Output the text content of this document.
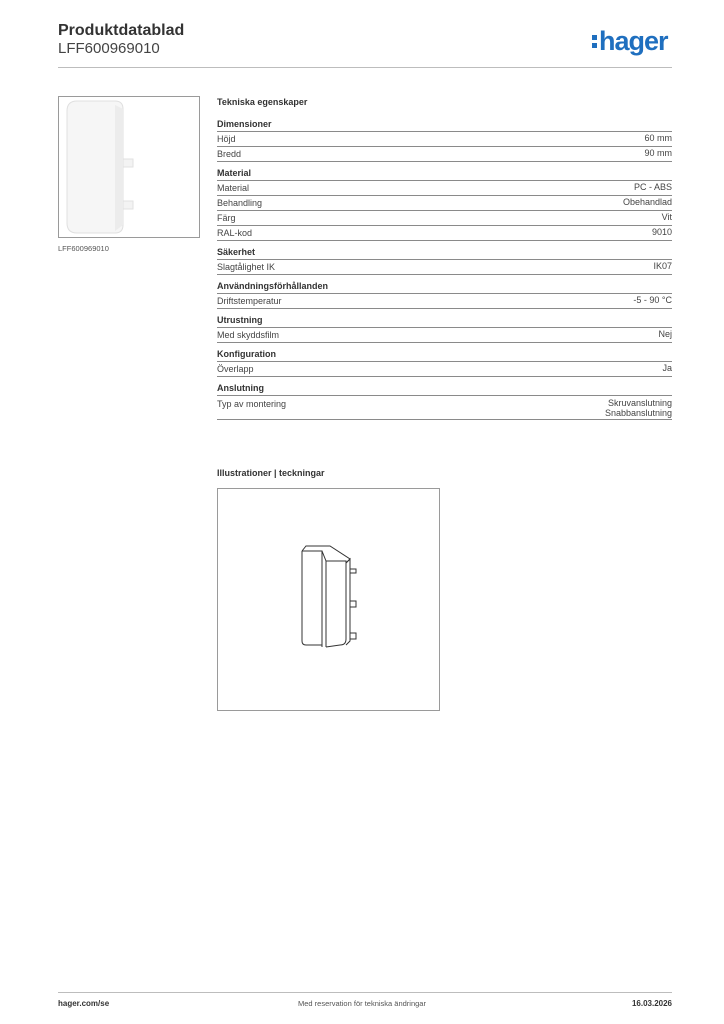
Produktdatablad
LFF600969010	hager
LFF600969010
Tekniska egenskaper
Dimensioner
Höjd	60 mm
Bredd	90 mm
Material
Material	PC - ABS
Behandling	Obehandlad
Färg	Vit
RAL-kod	9010
Säkerhet
Slagtålighet IK	IK07
Användningsförhållanden
Driftstemperatur	-5 - 90 °C
Utrustning
Med skyddsfilm	Nej
Konfiguration
Överlapp	Ja
Anslutning
Typ av montering	Skruvanslutning
Snabbanslutning
Illustrationer | teckningar
hager.com/se	Med reservation för tekniska ändringar	16.03.2026
